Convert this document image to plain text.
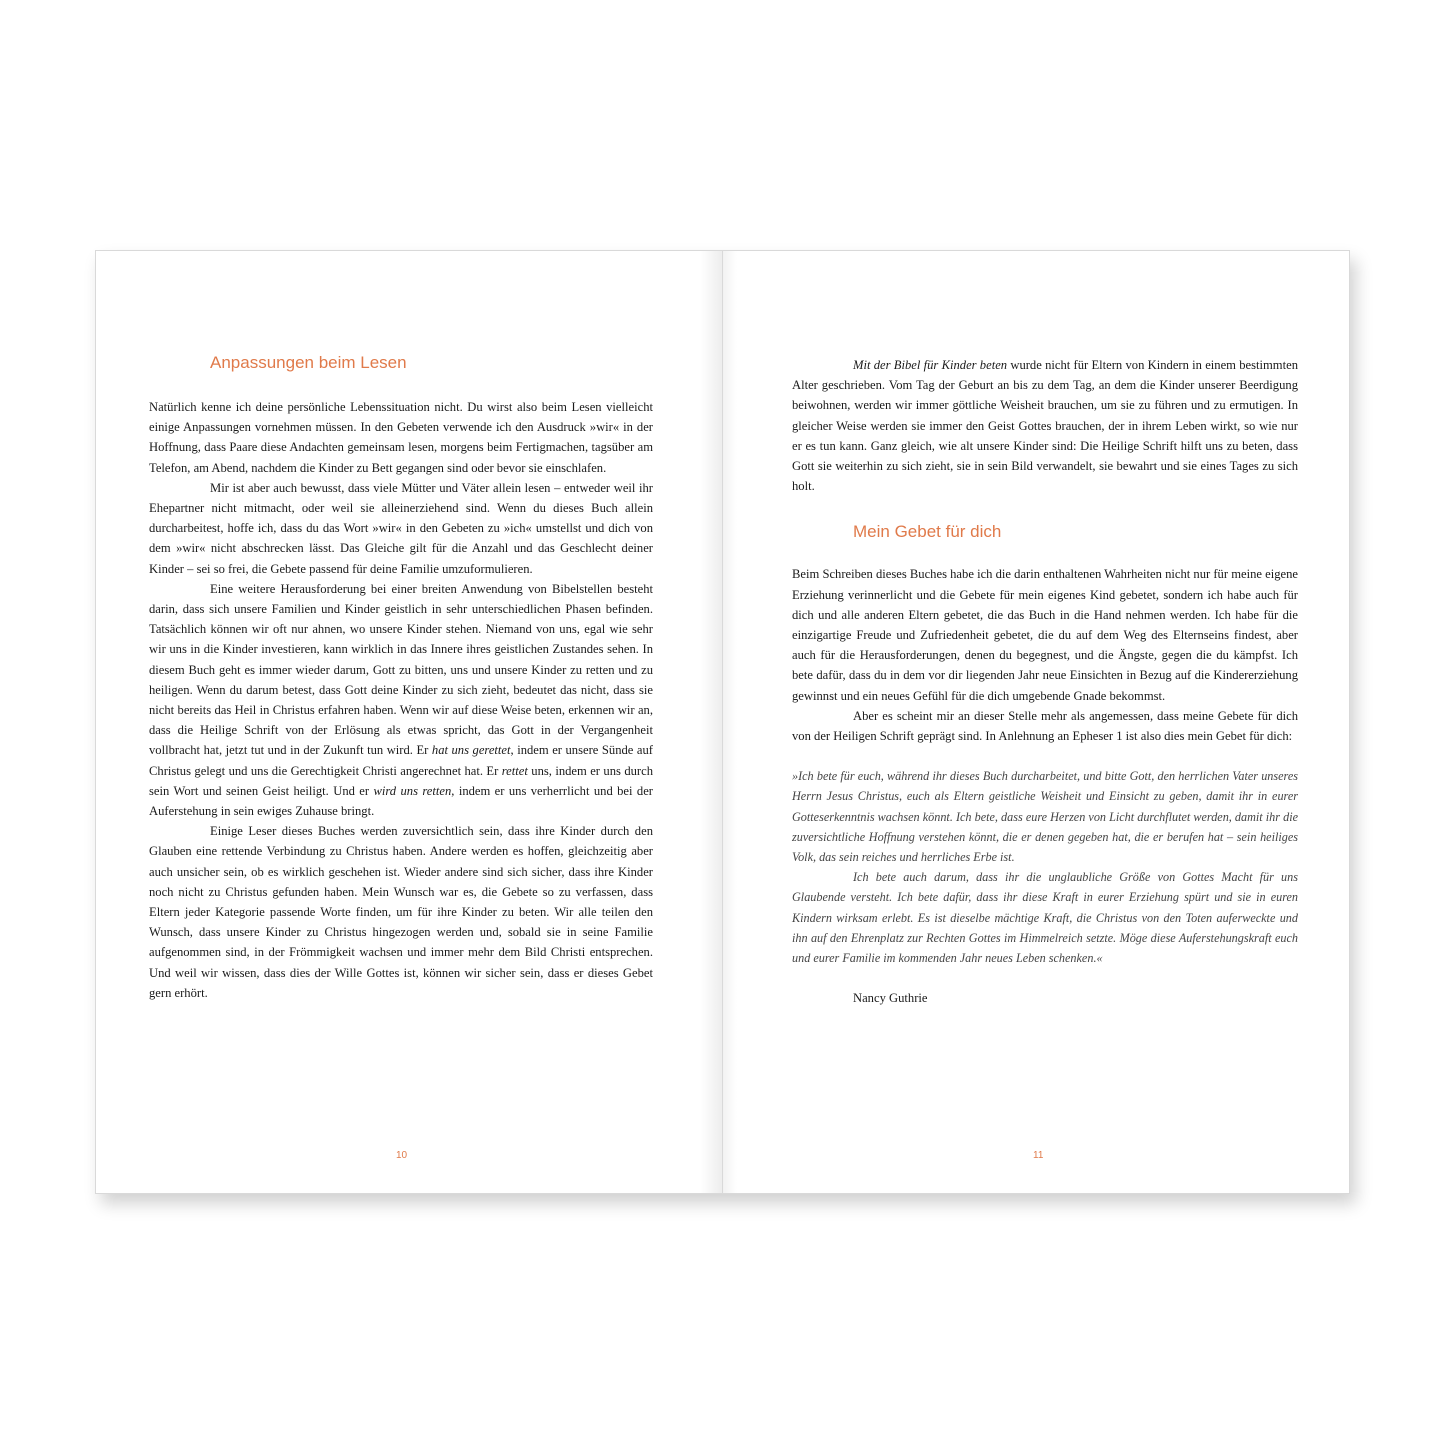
Anpassungen beim Lesen

Natürlich kenne ich deine persönliche Lebenssituation nicht. Du wirst also beim Lesen vielleicht einige Anpassungen vornehmen müssen. In den Gebeten verwende ich den Ausdruck »wir« in der Hoffnung, dass Paare diese Andachten gemeinsam lesen, morgens beim Fertigmachen, tagsüber am Telefon, am Abend, nachdem die Kinder zu Bett gegangen sind oder bevor sie einschlafen.

Mir ist aber auch bewusst, dass viele Mütter und Väter allein lesen – entweder weil ihr Ehepartner nicht mitmacht, oder weil sie alleinerziehend sind. Wenn du dieses Buch allein durcharbeitest, hoffe ich, dass du das Wort »wir« in den Gebeten zu »ich« umstellst und dich von dem »wir« nicht abschrecken lässt. Das Gleiche gilt für die Anzahl und das Geschlecht deiner Kinder – sei so frei, die Gebete passend für deine Familie umzuformulieren.

Eine weitere Herausforderung bei einer breiten Anwendung von Bibelstellen besteht darin, dass sich unsere Familien und Kinder geistlich in sehr unterschiedlichen Phasen befinden. Tatsächlich können wir oft nur ahnen, wo unsere Kinder stehen. Niemand von uns, egal wie sehr wir uns in die Kinder investieren, kann wirklich in das Innere ihres geistlichen Zustandes sehen. In diesem Buch geht es immer wieder darum, Gott zu bitten, uns und unsere Kinder zu retten und zu heiligen. Wenn du darum betest, dass Gott deine Kinder zu sich zieht, bedeutet das nicht, dass sie nicht bereits das Heil in Christus erfahren haben. Wenn wir auf diese Weise beten, erkennen wir an, dass die Heilige Schrift von der Erlösung als etwas spricht, das Gott in der Vergangenheit vollbracht hat, jetzt tut und in der Zukunft tun wird. Er hat uns gerettet, indem er unsere Sünde auf Christus gelegt und uns die Gerechtigkeit Christi angerechnet hat. Er rettet uns, indem er uns durch sein Wort und seinen Geist heiligt. Und er wird uns retten, indem er uns verherrlicht und bei der Auferstehung in sein ewiges Zuhause bringt.

Einige Leser dieses Buches werden zuversichtlich sein, dass ihre Kinder durch den Glauben eine rettende Verbindung zu Christus haben. Andere werden es hoffen, gleichzeitig aber auch unsicher sein, ob es wirklich geschehen ist. Wieder andere sind sich sicher, dass ihre Kinder noch nicht zu Christus gefunden haben. Mein Wunsch war es, die Gebete so zu verfassen, dass Eltern jeder Kategorie passende Worte finden, um für ihre Kinder zu beten. Wir alle teilen den Wunsch, dass unsere Kinder zu Christus hingezogen werden und, sobald sie in seine Familie aufgenommen sind, in der Frömmigkeit wachsen und immer mehr dem Bild Christi entsprechen. Und weil wir wissen, dass dies der Wille Gottes ist, können wir sicher sein, dass er dieses Gebet gern erhört.

10

Mit der Bibel für Kinder beten wurde nicht für Eltern von Kindern in einem bestimmten Alter geschrieben. Vom Tag der Geburt an bis zu dem Tag, an dem die Kinder unserer Beerdigung beiwohnen, werden wir immer göttliche Weisheit brauchen, um sie zu führen und zu ermutigen. In gleicher Weise werden sie immer den Geist Gottes brauchen, der in ihrem Leben wirkt, so wie nur er es tun kann. Ganz gleich, wie alt unsere Kinder sind: Die Heilige Schrift hilft uns zu beten, dass Gott sie weiterhin zu sich zieht, sie in sein Bild verwandelt, sie bewahrt und sie eines Tages zu sich holt.

Mein Gebet für dich

Beim Schreiben dieses Buches habe ich die darin enthaltenen Wahrheiten nicht nur für meine eigene Erziehung verinnerlicht und die Gebete für mein eigenes Kind gebetet, sondern ich habe auch für dich und alle anderen Eltern gebetet, die das Buch in die Hand nehmen werden. Ich habe für die einzigartige Freude und Zufriedenheit gebetet, die du auf dem Weg des Elternseins findest, aber auch für die Herausforderungen, denen du begegnest, und die Ängste, gegen die du kämpfst. Ich bete dafür, dass du in dem vor dir liegenden Jahr neue Einsichten in Bezug auf die Kindererziehung gewinnst und ein neues Gefühl für die dich umgebende Gnade bekommst.

Aber es scheint mir an dieser Stelle mehr als angemessen, dass meine Gebete für dich von der Heiligen Schrift geprägt sind. In Anlehnung an Epheser 1 ist also dies mein Gebet für dich:

»Ich bete für euch, während ihr dieses Buch durcharbeitet, und bitte Gott, den herrlichen Vater unseres Herrn Jesus Christus, euch als Eltern geistliche Weisheit und Einsicht zu geben, damit ihr in eurer Gotteserkenntnis wachsen könnt. Ich bete, dass eure Herzen von Licht durchflutet werden, damit ihr die zuversichtliche Hoffnung verstehen könnt, die er denen gegeben hat, die er berufen hat – sein heiliges Volk, das sein reiches und herrliches Erbe ist.

Ich bete auch darum, dass ihr die unglaubliche Größe von Gottes Macht für uns Glaubende versteht. Ich bete dafür, dass ihr diese Kraft in eurer Erziehung spürt und sie in euren Kindern wirksam erlebt. Es ist dieselbe mächtige Kraft, die Christus von den Toten auferweckte und ihn auf den Ehrenplatz zur Rechten Gottes im Himmelreich setzte. Möge diese Auferstehungskraft euch und eurer Familie im kommenden Jahr neues Leben schenken.«

Nancy Guthrie
11
